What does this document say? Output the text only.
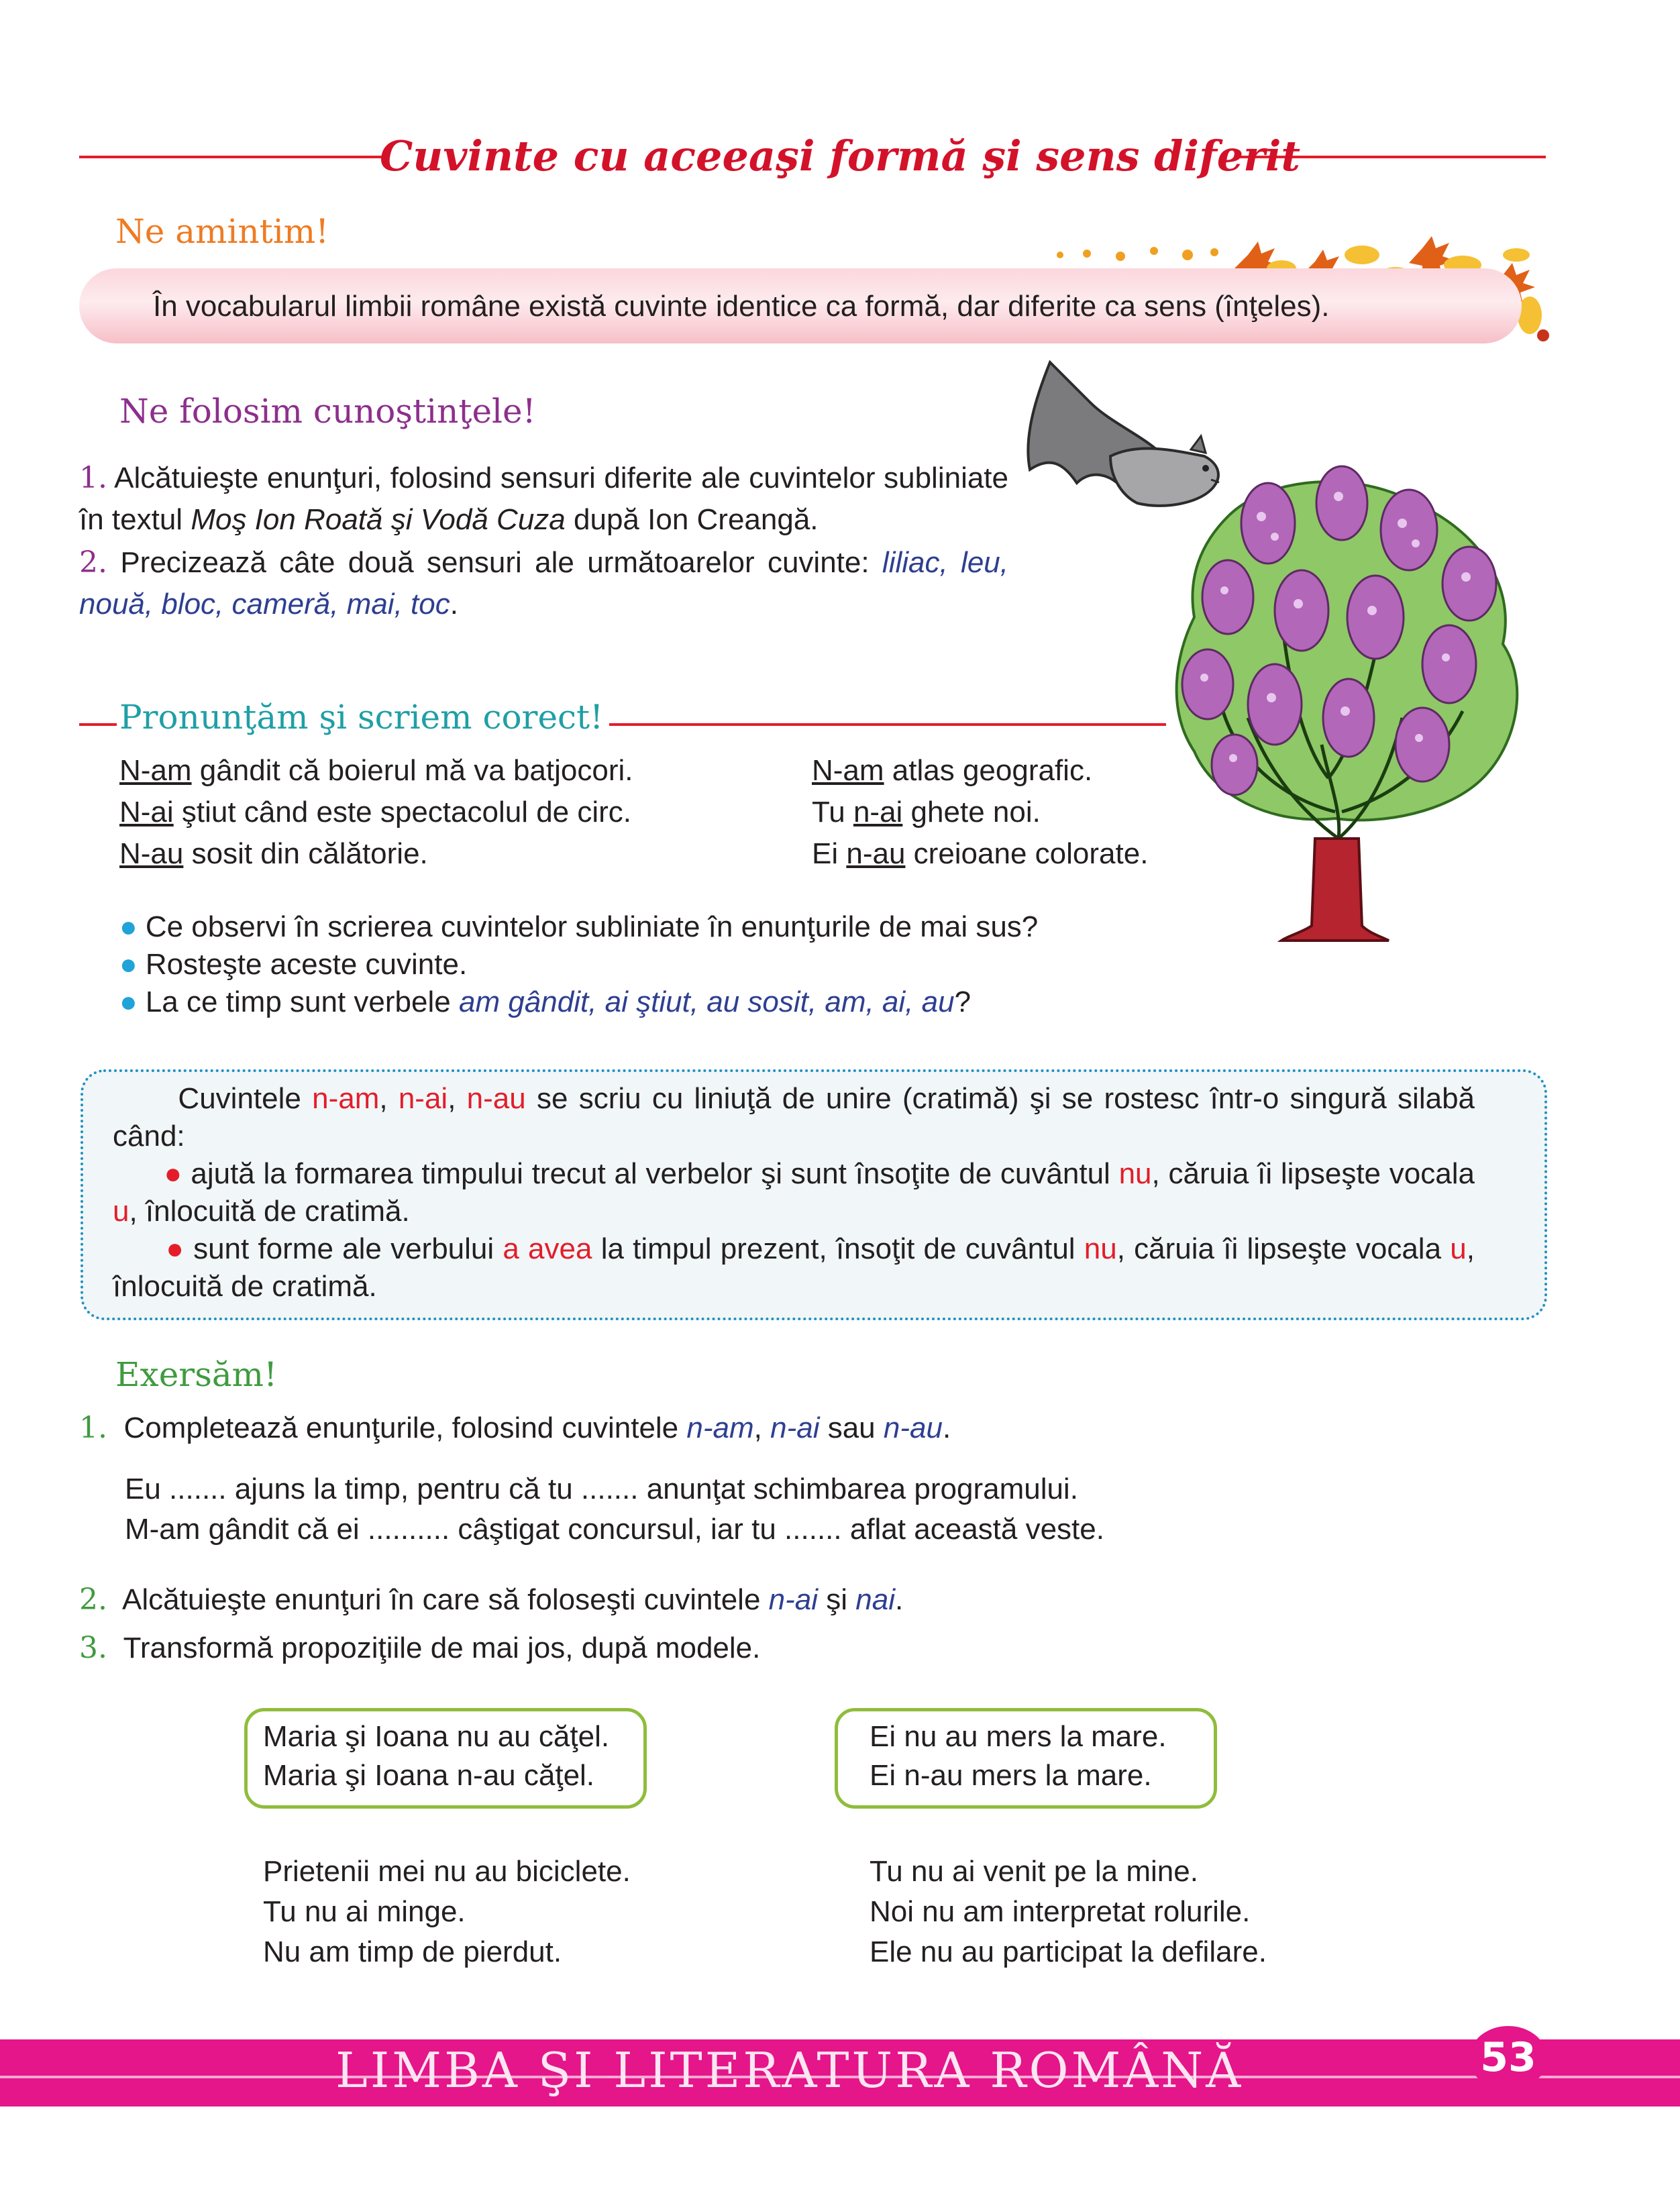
Cuvinte cu aceeaşi formă şi sens diferit
Ne amintim!
În vocabularul limbii române există cuvinte identice ca formă, dar diferite ca sens (înţeles).
Ne folosim cunoştinţele!
1. Alcătuieşte enunţuri, folosind sensuri diferite ale cuvintelor subliniate în textul Moş Ion Roată şi Vodă Cuza după Ion Creangă.
2. Precizează câte două sensuri ale următoarelor cuvinte: liliac, leu, nouă, bloc, cameră, mai, toc.
Pronunţăm şi scriem corect!
N-am gândit că boierul mă va batjocori.
N-ai ştiut când este spectacolul de circ.
N-au sosit din călătorie.
N-am atlas geografic.
Tu n-ai ghete noi.
Ei n-au creioane colorate.
● Ce observi în scrierea cuvintelor subliniate în enunţurile de mai sus?
● Rosteşte aceste cuvinte.
● La ce timp sunt verbele am gândit, ai ştiut, au sosit, am, ai, au?
Cuvintele n-am, n-ai, n-au se scriu cu liniuţă de unire (cratimă) şi se rostesc într-o singură silabă când:
● ajută la formarea timpului trecut al verbelor şi sunt însoţite de cuvântul nu, căruia îi lipseşte vocala u, înlocuită de cratimă.
● sunt forme ale verbului a avea la timpul prezent, însoţit de cuvântul nu, căruia îi lipseşte vocala u, înlocuită de cratimă.
Exersăm!
1. Completează enunţurile, folosind cuvintele n-am, n-ai sau n-au.
Eu ....... ajuns la timp, pentru că tu ....... anunţat schimbarea programului.
M-am gândit că ei .......... câştigat concursul, iar tu ....... aflat această veste.
2. Alcătuieşte enunţuri în care să foloseşti cuvintele n-ai şi nai.
3. Transformă propoziţiile de mai jos, după modele.
Maria şi Ioana nu au căţel.
Maria şi Ioana n-au căţel.
Ei nu au mers la mare.
Ei n-au mers la mare.
Prietenii mei nu au biciclete.
Tu nu ai minge.
Nu am timp de pierdut.
Tu nu ai venit pe la mine.
Noi nu am interpretat rolurile.
Ele nu au participat la defilare.
LIMBA ŞI LITERATURA ROMÂNĂ	53
